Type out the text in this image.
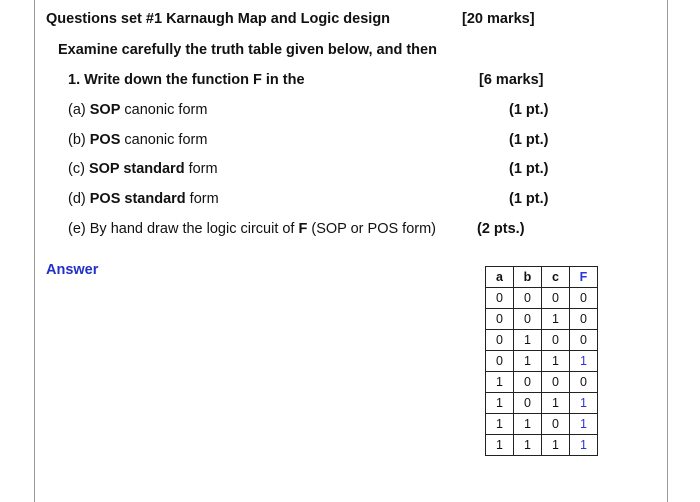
Questions set #1 Karnaugh Map and Logic design	[20 marks]
Examine carefully the truth table given below, and then
1. Write down the function F in the	[6 marks]
(a) SOP canonic form	(1 pt.)
(b) POS canonic form	(1 pt.)
(c) SOP standard form	(1 pt.)
(d) POS standard form	(1 pt.)
(e) By hand draw the logic circuit of F (SOP or POS form)	(2 pts.)
Answer	a	b	c	F
0	0	0	0
0	0	1	0
0	1	0	0
0	1	1	1
1	0	0	0
1	0	1	1
1	1	0	1
1	1	1	1
